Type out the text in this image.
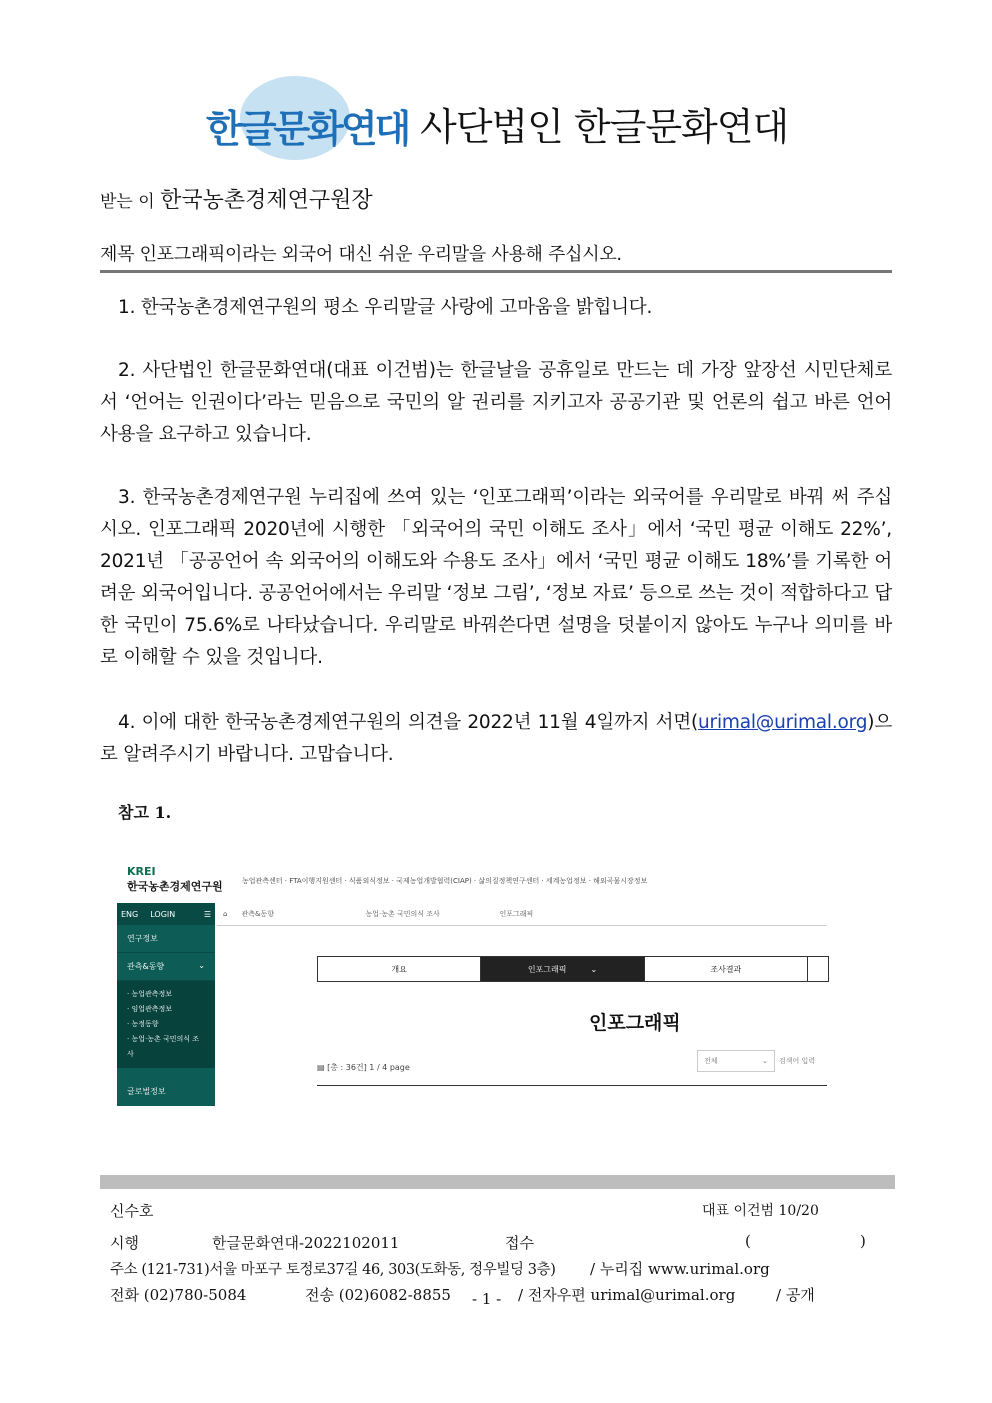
한글문화연대 사단법인 한글문화연대
받는 이 한국농촌경제연구원장
제목 인포그래픽이라는 외국어 대신 쉬운 우리말을 사용해 주십시오.
1. 한국농촌경제연구원의 평소 우리말글 사랑에 고마움을 밝힙니다.
2. 사단법인 한글문화연대(대표 이건범)는 한글날을 공휴일로 만드는 데 가장 앞장선 시민단체로서 ‘언어는 인권이다’라는 믿음으로 국민의 알 권리를 지키고자 공공기관 및 언론의 쉽고 바른 언어 사용을 요구하고 있습니다.
3. 한국농촌경제연구원 누리집에 쓰여 있는 ‘인포그래픽’이라는 외국어를 우리말로 바꿔 써 주십시오. 인포그래픽 2020년에 시행한 「외국어의 국민 이해도 조사」에서 ‘국민 평균 이해도 22%’, 2021년 「공공언어 속 외국어의 이해도와 수용도 조사」에서 ‘국민 평균 이해도 18%’를 기록한 어려운 외국어입니다. 공공언어에서는 우리말 ‘정보 그림’, ‘정보 자료’ 등으로 쓰는 것이 적합하다고 답한 국민이 75.6%로 나타났습니다. 우리말로 바꿔쓴다면 설명을 덧붙이지 않아도 누구나 의미를 바로 이해할 수 있을 것입니다.
4. 이에 대한 한국농촌경제연구원의 의견을 2022년 11월 4일까지 서면(urimal@urimal.org)으로 알려주시기 바랍니다. 고맙습니다.
참고 1.
KREI
한국농촌경제연구원	농업관측센터 · FTA이행지원센터 · 식품외식정보 · 국제농업개발협력(CIAP) · 삶의질정책연구센터 · 세계농업정보 · 해외곡물시장정보
ENG LOGIN	☰
연구정보
관측&동향	⌄
· 농업관측정보
· 임업관측정보
· 농정동향
· 농업·농촌 국민의식 조사
글로벌정보
⌂ 관측&동향	농업·농촌 국민의식 조사	인포그래픽
개요	인포그래픽	⌄	조사결과
인포그래픽
▤ [총 : 36건] 1 / 4 page
전체	⌄ 검색어 입력
신수호	대표 이건범 10/20
시행	한글문화연대-2022102011	접수	(	)
주소 (121-731)서울 마포구 토정로37길 46, 303(도화동, 정우빌딩 3층) / 누리집 www.urimal.org
전화 (02)780-5084	전송 (02)6082-8855 - 1 - / 전자우편 urimal@urimal.org	/ 공개
